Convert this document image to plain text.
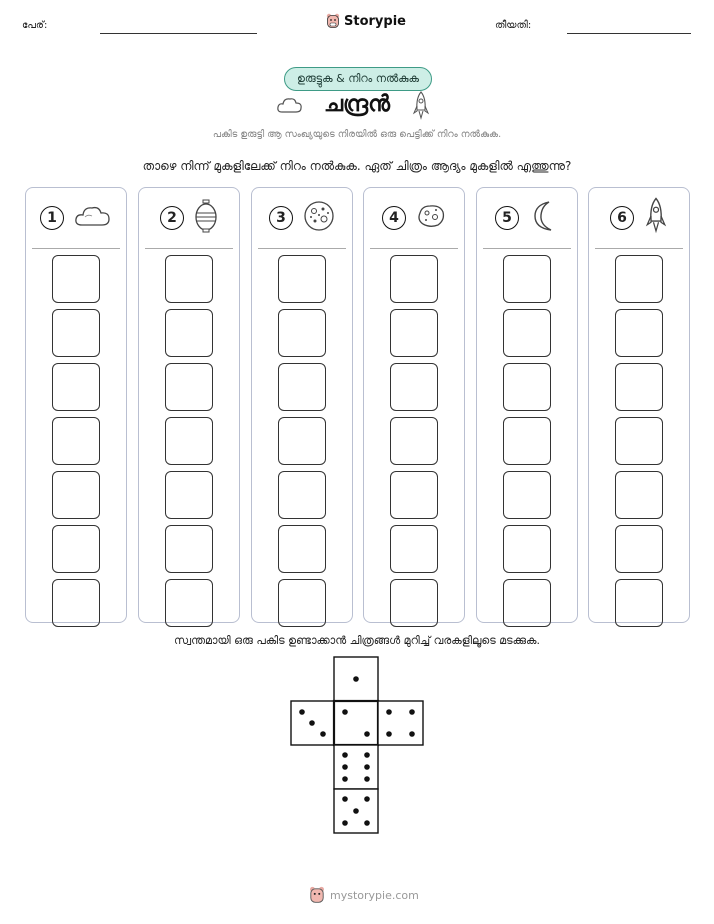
പേര്:	Storypie	തീയതി:
ഉരുട്ടുക & നിറം നൽകുക
ചന്ദ്രൻ
പകിട ഉരുട്ടി ആ സംഖ്യയുടെ നിരയിൽ ഒരു പെട്ടിക്ക് നിറം നൽകുക.
താഴെ നിന്ന് മുകളിലേക്ക് നിറം നൽകുക. ഏത് ചിത്രം ആദ്യം മുകളിൽ എത്തുന്നു?
1	2	3	4	5	6
സ്വന്തമായി ഒരു പകിട ഉണ്ടാക്കാൻ ചിത്രങ്ങൾ മുറിച്ച് വരകളിലൂടെ മടക്കുക.
mystorypie.com
